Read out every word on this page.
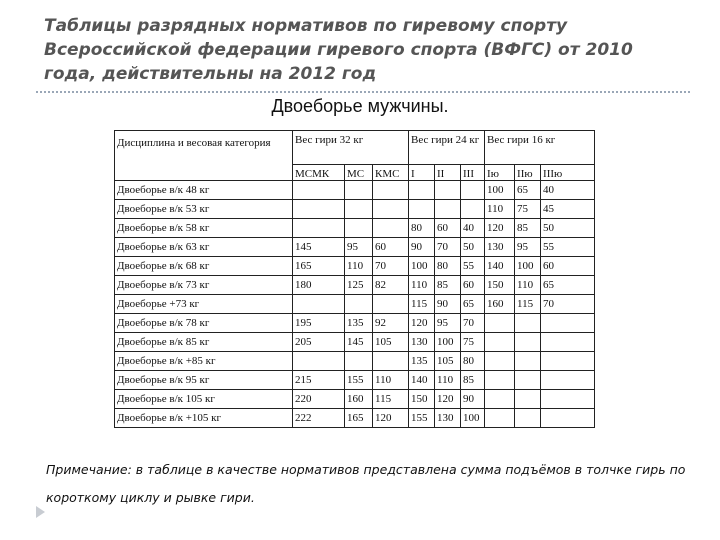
Таблицы разрядных нормативов по гиревому спорту Всероссийской федерации гиревого спорта (ВФГС) от 2010 года, действительны на 2012 год
Двоеборье мужчины.
Дисциплина и весовая категория	Вес гири 32 кг			Вес гири 24 кг			Вес гири 16 кг		
	МСМК	МС	КМС	I	II	III	Iю	IIю	IIIю
Двоеборье в/к 48 кг							100	65	40
Двоеборье в/к 53 кг							110	75	45
Двоеборье в/к 58 кг				80	60	40	120	85	50
Двоеборье в/к 63 кг	145	95	60	90	70	50	130	95	55
Двоеборье в/к 68 кг	165	110	70	100	80	55	140	100	60
Двоеборье в/к 73 кг	180	125	82	110	85	60	150	110	65
Двоеборье +73 кг				115	90	65	160	115	70
Двоеборье в/к 78 кг	195	135	92	120	95	70			
Двоеборье в/к 85 кг	205	145	105	130	100	75			
Двоеборье в/к +85 кг				135	105	80			
Двоеборье в/к 95 кг	215	155	110	140	110	85			
Двоеборье в/к 105 кг	220	160	115	150	120	90			
Двоеборье в/к +105 кг	222	165	120	155	130	100			

Примечание: в таблице в качестве нормативов представлена сумма подъёмов в толчке гирь по короткому циклу и рывке гири.
